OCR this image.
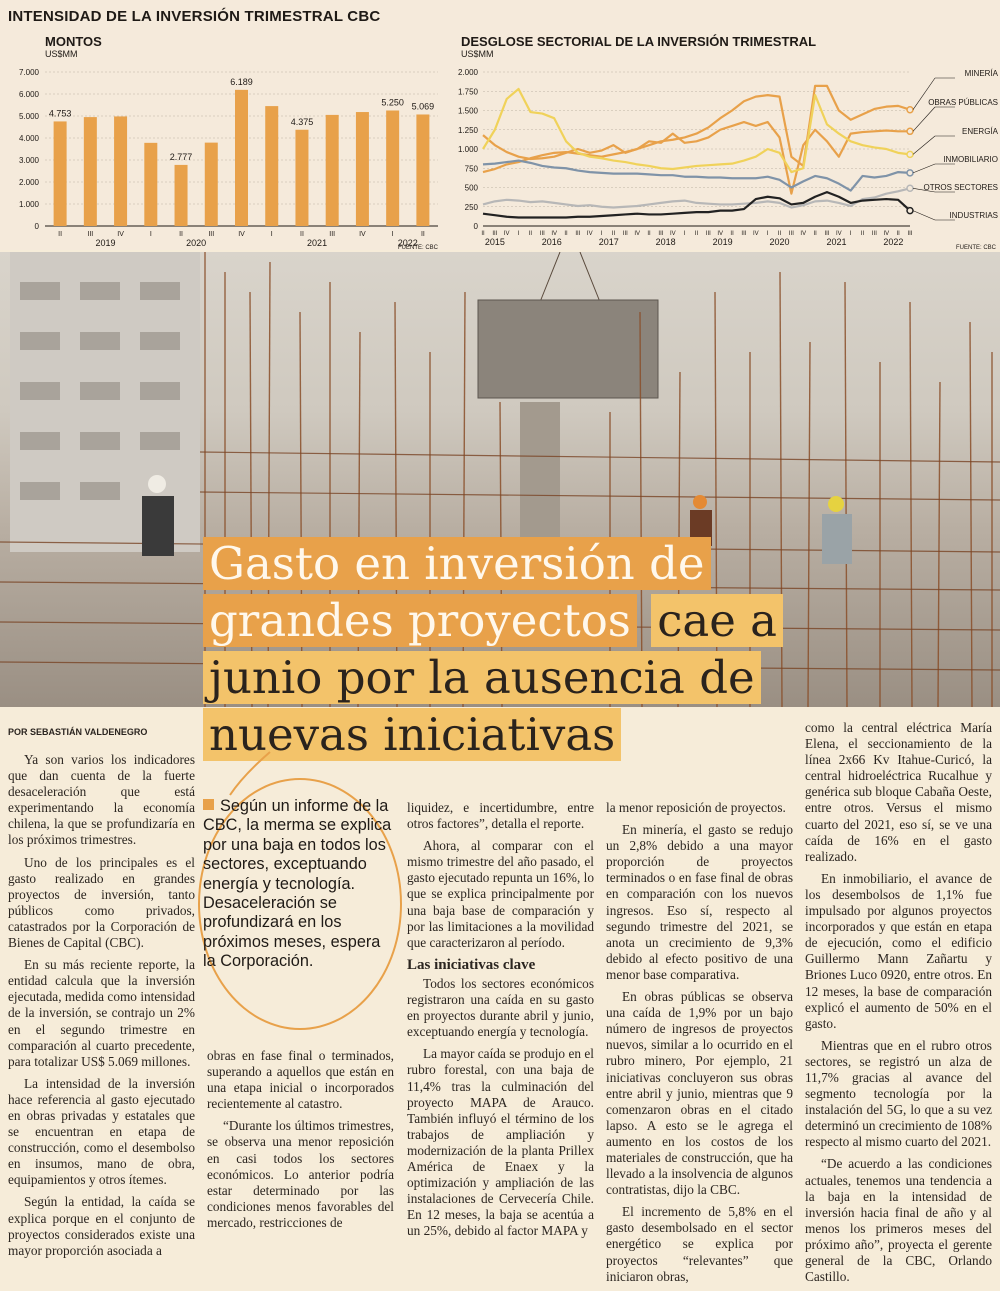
INTENSIDAD DE LA INVERSIÓN TRIMESTRAL CBC
MONTOS
US$MM
7.000
6.000
5.000
4.000
3.000
2.000
1.000
0
II
4.753
III	IV	I	II
2.777
III	IV
6.189
I	II
4.375
III	IV	I
5.250
II
5.069
2019	2020	2021	2022
FUENTE: CBC
DESGLOSE SECTORIAL DE LA INVERSIÓN TRIMESTRAL
US$MM
2.000
1.750
1.500
1.250
1.000
750
500
250
0
MINERÍA
OBRAS PÚBLICAS
ENERGÍA
INMOBILIARIO
OTROS SECTORES
INDUSTRIAS
II III IV I II III IV II III IV I II III IV II III IV I II III IV II III IV I II III IV II III IV I II III IV II III
2015	2016	2017	2018	2019	2020	2021	2022
FUENTE: CBC
Gasto en inversión de grandes proyectos cae a junio por la ausencia de nuevas iniciativas
POR SEBASTIÁN VALDENEGRO

Ya son varios los indicadores que dan cuenta de la fuerte desaceleración que está experimentando la economía chilena, la que se profundizaría en los próximos trimestres.

Uno de los principales es el gasto realizado en grandes proyectos de inversión, tanto públicos como privados, catastrados por la Corporación de Bienes de Capital (CBC).

En su más reciente reporte, la entidad calcula que la inversión ejecutada, medida como intensidad de la inversión, se contrajo un 2% en el segundo trimestre en comparación al cuarto precedente, para totalizar US$ 5.069 millones.

La intensidad de la inversión hace referencia al gasto ejecutado en obras privadas y estatales que se encuentran en etapa de construcción, como el desembolso en insumos, mano de obra, equipamientos y otros ítemes.

Según la entidad, la caída se explica porque en el conjunto de proyectos considerados existe una mayor proporción asociada a

Según un informe de la CBC, la merma se explica por una baja en todos los sectores, exceptuando energía y tecnología. Desaceleración se profundizará en los próximos meses, espera la Corporación.

obras en fase final o terminados, superando a aquellos que están en una etapa inicial o incorporados recientemente al catastro.

“Durante los últimos trimestres, se observa una menor reposición en casi todos los sectores económicos. Lo anterior podría estar determinado por las condiciones menos favorables del mercado, restricciones de

liquidez, e incertidumbre, entre otros factores”, detalla el reporte.

Ahora, al comparar con el mismo trimestre del año pasado, el gasto ejecutado repunta un 16%, lo que se explica principalmente por una baja base de comparación y por las limitaciones a la movilidad que caracterizaron al período.

Las iniciativas clave

Todos los sectores económicos registraron una caída en su gasto en proyectos durante abril y junio, exceptuando energía y tecnología.

La mayor caída se produjo en el rubro forestal, con una baja de 11,4% tras la culminación del proyecto MAPA de Arauco. También influyó el término de los trabajos de ampliación y modernización de la planta Prillex América de Enaex y la optimización y ampliación de las instalaciones de Cervecería Chile. En 12 meses, la baja se acentúa a un 25%, debido al factor MAPA y

la menor reposición de proyectos.

En minería, el gasto se redujo un 2,8% debido a una mayor proporción de proyectos terminados o en fase final de obras en comparación con los nuevos ingresos. Eso sí, respecto al segundo trimestre del 2021, se anota un crecimiento de 9,3% debido al efecto positivo de una menor base comparativa.

En obras públicas se observa una caída de 1,9% por un bajo número de ingresos de proyectos nuevos, similar a lo ocurrido en el rubro minero, Por ejemplo, 21 iniciativas concluyeron sus obras entre abril y junio, mientras que 9 comenzaron obras en el citado lapso. A esto se le agrega el aumento en los costos de los materiales de construcción, que ha llevado a la insolvencia de algunos contratistas, dijo la CBC.

El incremento de 5,8% en el gasto desembolsado en el sector energético se explica por proyectos “relevantes” que iniciaron obras,

como la central eléctrica María Elena, el seccionamiento de la línea 2x66 Kv Itahue-Curicó, la central hidroeléctrica Rucalhue y genérica sub bloque Cabaña Oeste, entre otros. Versus el mismo cuarto del 2021, eso sí, se ve una caída de 16% en el gasto realizado.

En inmobiliario, el avance de los desembolsos de 1,1% fue impulsado por algunos proyectos incorporados y que están en etapa de ejecución, como el edificio Guillermo Mann Zañartu y Briones Luco 0920, entre otros. En 12 meses, la base de comparación explicó el aumento de 50% en el gasto.

Mientras que en el rubro otros sectores, se registró un alza de 11,7% gracias al avance del segmento tecnología por la instalación del 5G, lo que a su vez determinó un crecimiento de 108% respecto al mismo cuarto del 2021.

“De acuerdo a las condiciones actuales, tenemos una tendencia a la baja en la intensidad de inversión hacia final de año y al menos los primeros meses del próximo año”, proyecta el gerente general de la CBC, Orlando Castillo.
